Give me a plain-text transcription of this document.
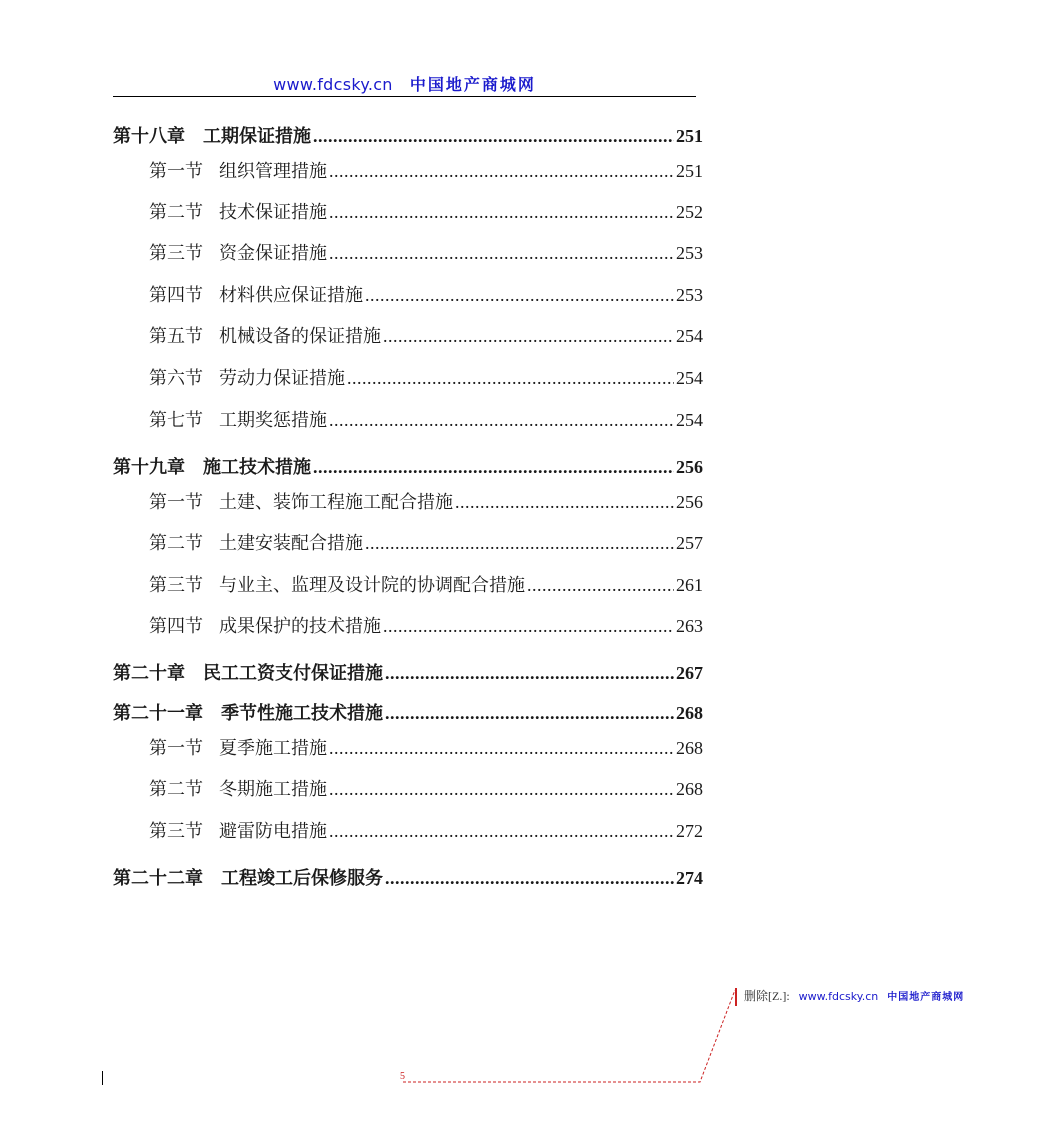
www.fdcsky.cn 中国地产商城网
第十八章 工期保证措施 .....	251
第一节 组织管理措施 .....	251
第二节 技术保证措施 .....	252
第三节 资金保证措施 .....	253
第四节 材料供应保证措施 .....	253
第五节 机械设备的保证措施 .....	254
第六节 劳动力保证措施 .....	254
第七节 工期奖惩措施 .....	254
第十九章 施工技术措施 .....	256
第一节 土建、装饰工程施工配合措施 .....	256
第二节 土建安装配合措施 .....	257
第三节 与业主、监理及设计院的协调配合措施 .....	261
第四节 成果保护的技术措施 .....	263
第二十章 民工工资支付保证措施 .....	267
第二十一章 季节性施工技术措施 .....	268
第一节 夏季施工措施 .....	268
第二节 冬期施工措施 .....	268
第三节 避雷防电措施 .....	272
第二十二章 工程竣工后保修服务 .....	274
删除[Z.]: www.fdcsky.cn 中国地产商城网
5
